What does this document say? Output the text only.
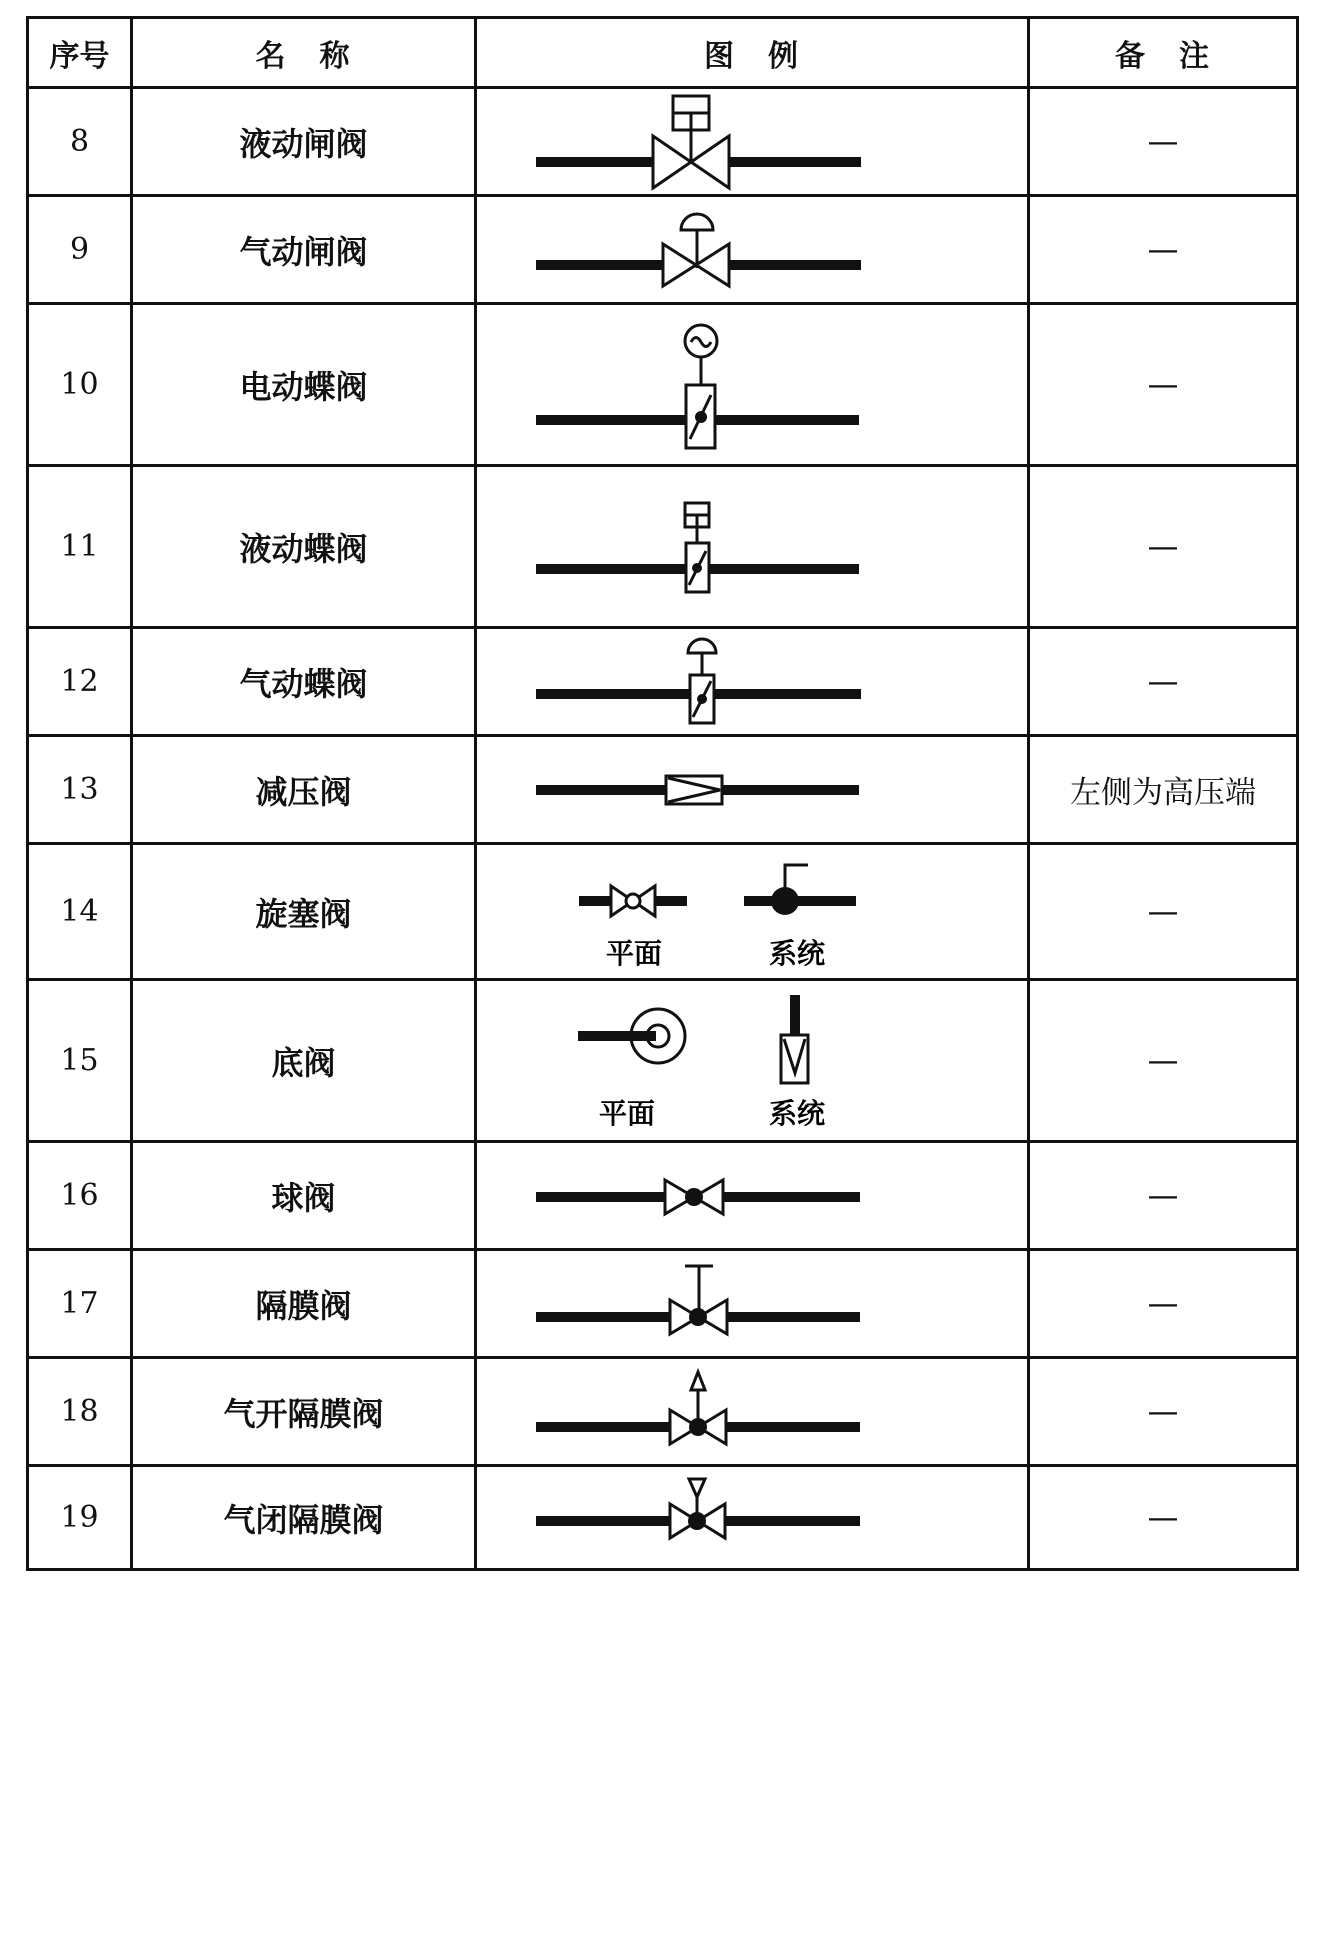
序号	名　称	图　例	备　注
8	液动闸阀		—
9	气动闸阀		—
10	电动蝶阀		—
11	液动蝶阀		—
12	气动蝶阀		—
13	减压阀		左侧为高压端
14	旋塞阀	平面 系统	—
15	底阀	平面 系统	—
16	球阀		—
17	隔膜阀		—
18	气开隔膜阀		—
19	气闭隔膜阀		—
